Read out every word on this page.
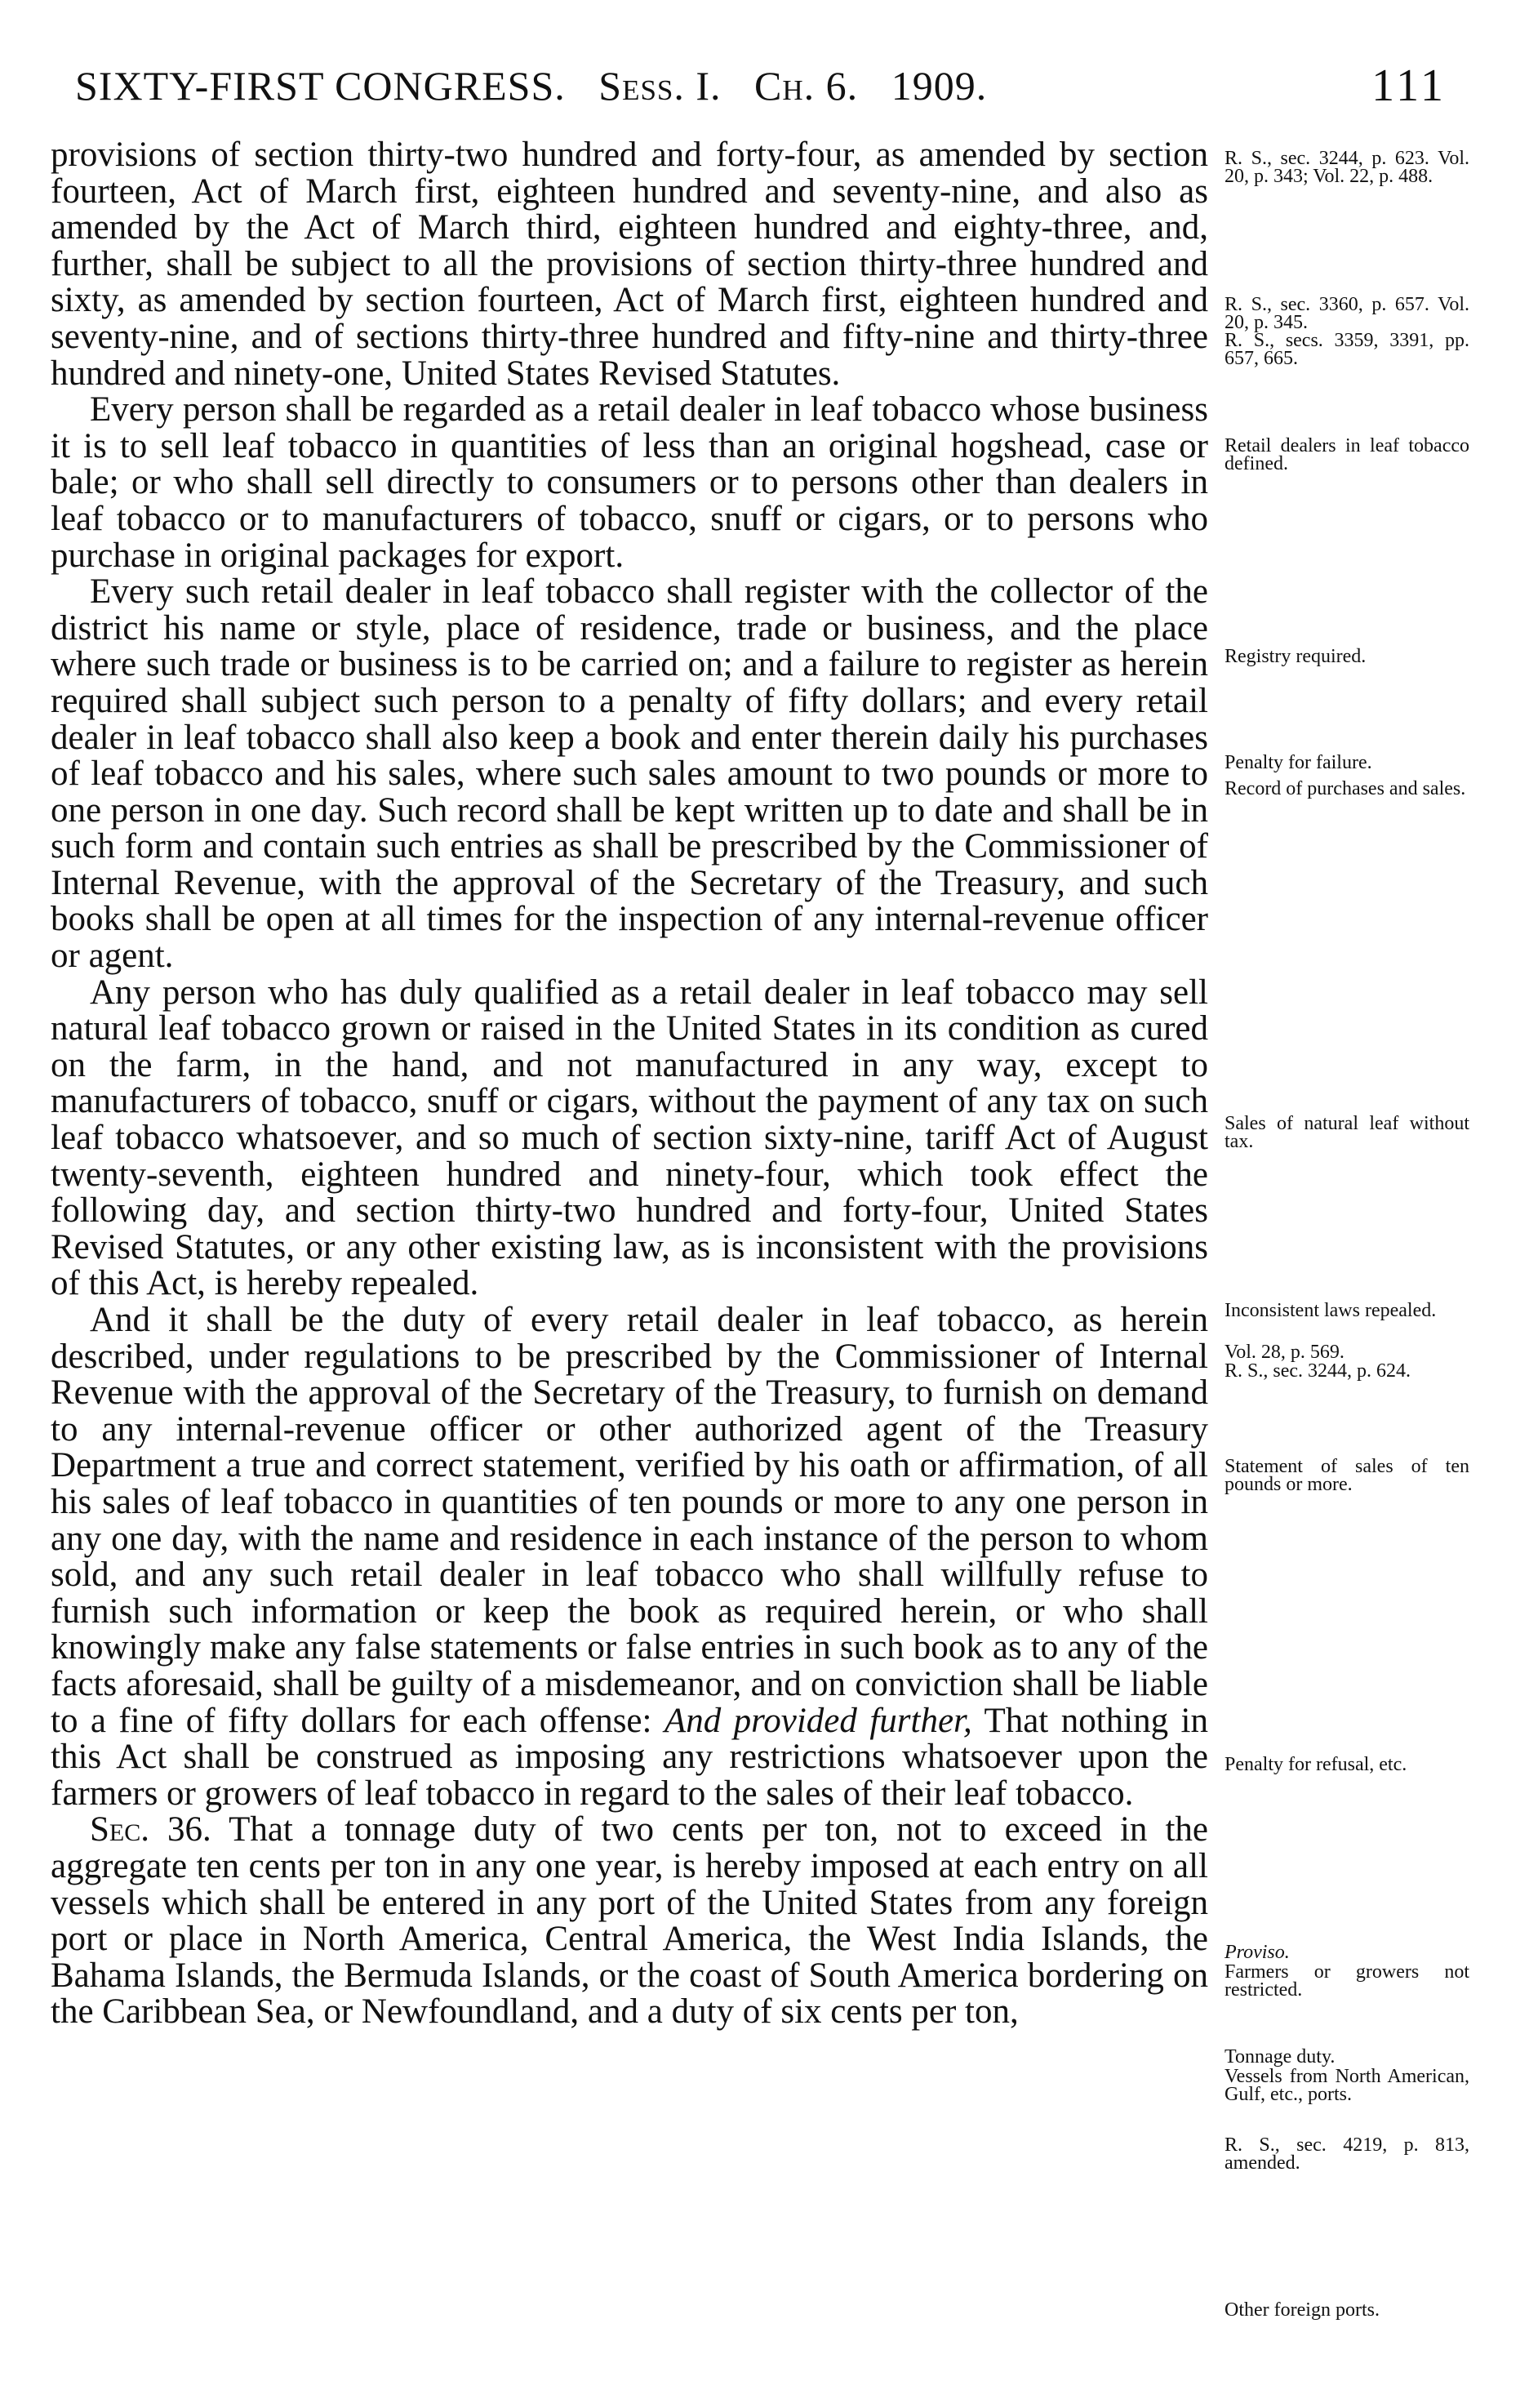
SIXTY-FIRST CONGRESS. Sess. I. Ch. 6. 1909.	111

provisions of section thirty-two hundred and forty-four, as amended by section fourteen, Act of March first, eighteen hundred and seventy-nine, and also as amended by the Act of March third, eighteen hundred and eighty-three, and, further, shall be subject to all the provisions of section thirty-three hundred and sixty, as amended by section fourteen, Act of March first, eighteen hundred and seventy-nine, and of sections thirty-three hundred and fifty-nine and thirty-three hundred and ninety-one, United States Revised Statutes.

Every person shall be regarded as a retail dealer in leaf tobacco whose business it is to sell leaf tobacco in quantities of less than an original hogshead, case or bale; or who shall sell directly to consumers or to persons other than dealers in leaf tobacco or to manufacturers of tobacco, snuff or cigars, or to persons who purchase in original packages for export.

Every such retail dealer in leaf tobacco shall register with the collector of the district his name or style, place of residence, trade or business, and the place where such trade or business is to be carried on; and a failure to register as herein required shall subject such person to a penalty of fifty dollars; and every retail dealer in leaf tobacco shall also keep a book and enter therein daily his purchases of leaf tobacco and his sales, where such sales amount to two pounds or more to one person in one day. Such record shall be kept written up to date and shall be in such form and contain such entries as shall be prescribed by the Commissioner of Internal Revenue, with the approval of the Secretary of the Treasury, and such books shall be open at all times for the inspection of any internal-revenue officer or agent.

Any person who has duly qualified as a retail dealer in leaf tobacco may sell natural leaf tobacco grown or raised in the United States in its condition as cured on the farm, in the hand, and not manufactured in any way, except to manufacturers of tobacco, snuff or cigars, without the payment of any tax on such leaf tobacco whatsoever, and so much of section sixty-nine, tariff Act of August twenty-seventh, eighteen hundred and ninety-four, which took effect the following day, and section thirty-two hundred and forty-four, United States Revised Statutes, or any other existing law, as is inconsistent with the provisions of this Act, is hereby repealed.

And it shall be the duty of every retail dealer in leaf tobacco, as herein described, under regulations to be prescribed by the Commissioner of Internal Revenue with the approval of the Secretary of the Treasury, to furnish on demand to any internal-revenue officer or other authorized agent of the Treasury Department a true and correct statement, verified by his oath or affirmation, of all his sales of leaf tobacco in quantities of ten pounds or more to any one person in any one day, with the name and residence in each instance of the person to whom sold, and any such retail dealer in leaf tobacco who shall willfully refuse to furnish such information or keep the book as required herein, or who shall knowingly make any false statements or false entries in such book as to any of the facts aforesaid, shall be guilty of a misdemeanor, and on conviction shall be liable to a fine of fifty dollars for each offense: And provided further, That nothing in this Act shall be construed as imposing any restrictions whatsoever upon the farmers or growers of leaf tobacco in regard to the sales of their leaf tobacco.

Sec. 36. That a tonnage duty of two cents per ton, not to exceed in the aggregate ten cents per ton in any one year, is hereby imposed at each entry on all vessels which shall be entered in any port of the United States from any foreign port or place in North America, Central America, the West India Islands, the Bahama Islands, the Bermuda Islands, or the coast of South America bordering on the Caribbean Sea, or Newfoundland, and a duty of six cents per ton,

R. S., sec. 3244, p. 623. Vol. 20, p. 343; Vol. 22, p. 488.
R. S., sec. 3360, p. 657. Vol. 20, p. 345.
R. S., secs. 3359, 3391, pp. 657, 665.
Retail dealers in leaf tobacco defined.
Registry required.
Penalty for failure.
Record of purchases and sales.
Sales of natural leaf without tax.
Inconsistent laws repealed.
Vol. 28, p. 569.
R. S., sec. 3244, p. 624.
Statement of sales of ten pounds or more.
Penalty for refusal, etc.
Proviso.
Farmers or growers not restricted.
Tonnage duty.
Vessels from North American, Gulf, etc., ports.
R. S., sec. 4219, p. 813, amended.
Other foreign ports.
